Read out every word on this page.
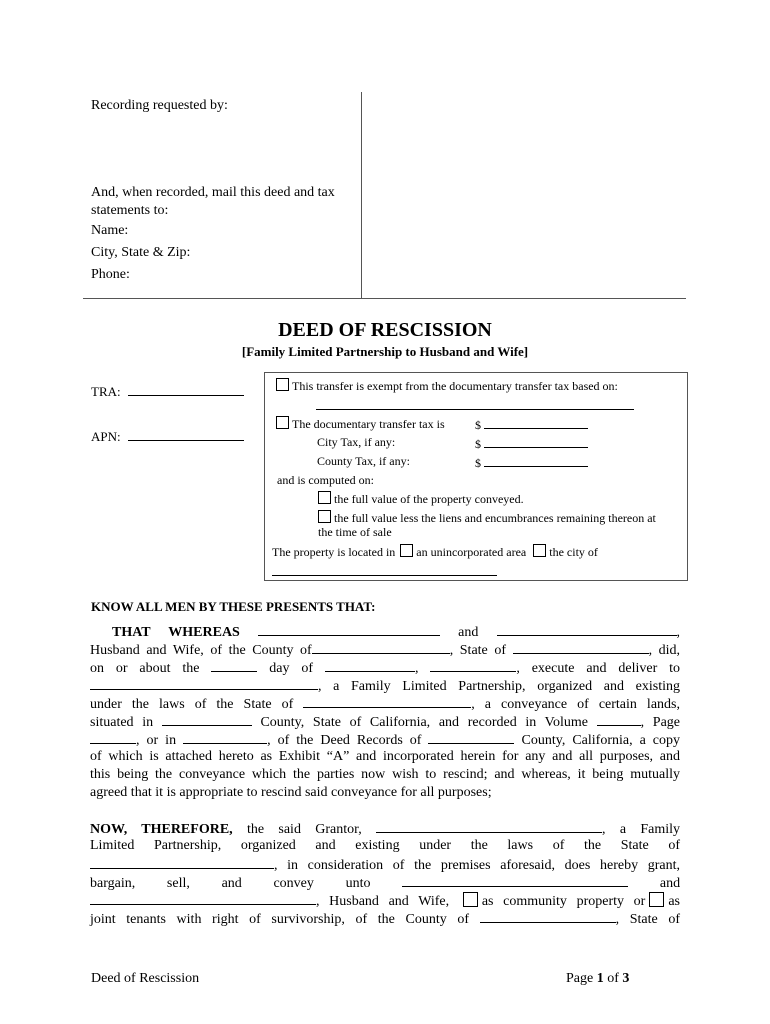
Recording requested by:
And, when recorded, mail this deed and tax
statements to:
Name:
City, State & Zip:
Phone:
DEED OF RESCISSION
[Family Limited Partnership to Husband and Wife]
TRA:
APN:
This transfer is exempt from the documentary transfer tax based on:
The documentary transfer tax is	$
City Tax, if any:	$
County Tax, if any:	$
and is computed on:
the full value of the property conveyed.
the full value less the liens and encumbrances remaining thereon at
the time of sale
The property is located in an unincorporated area the city of
KNOW ALL MEN BY THESE PRESENTS THAT:
THAT WHEREAS	and	,
Husband and Wife, of the County of	, State of	, did,
on or about the	day of	,	, execute and deliver to
, a Family Limited Partnership, organized and existing
under the laws of the State of	, a conveyance of certain lands,
situated in	County, State of California, and recorded in Volume	, Page
, or in	, of the Deed Records of	County, California, a copy
of which is attached hereto as Exhibit “A” and incorporated herein for any and all purposes, and
this being the conveyance which the parties now wish to rescind; and whereas, it being mutually
agreed that it is appropriate to rescind said conveyance for all purposes;
NOW, THEREFORE, the said Grantor,	, a Family
Limited Partnership, organized and existing under the laws of the State of
, in consideration of the premises aforesaid, does hereby grant,
bargain, sell, and convey unto	and
, Husband and Wife, as community property or as
joint tenants with right of survivorship, of the County of	, State of
Deed of Rescission	Page 1 of 3
